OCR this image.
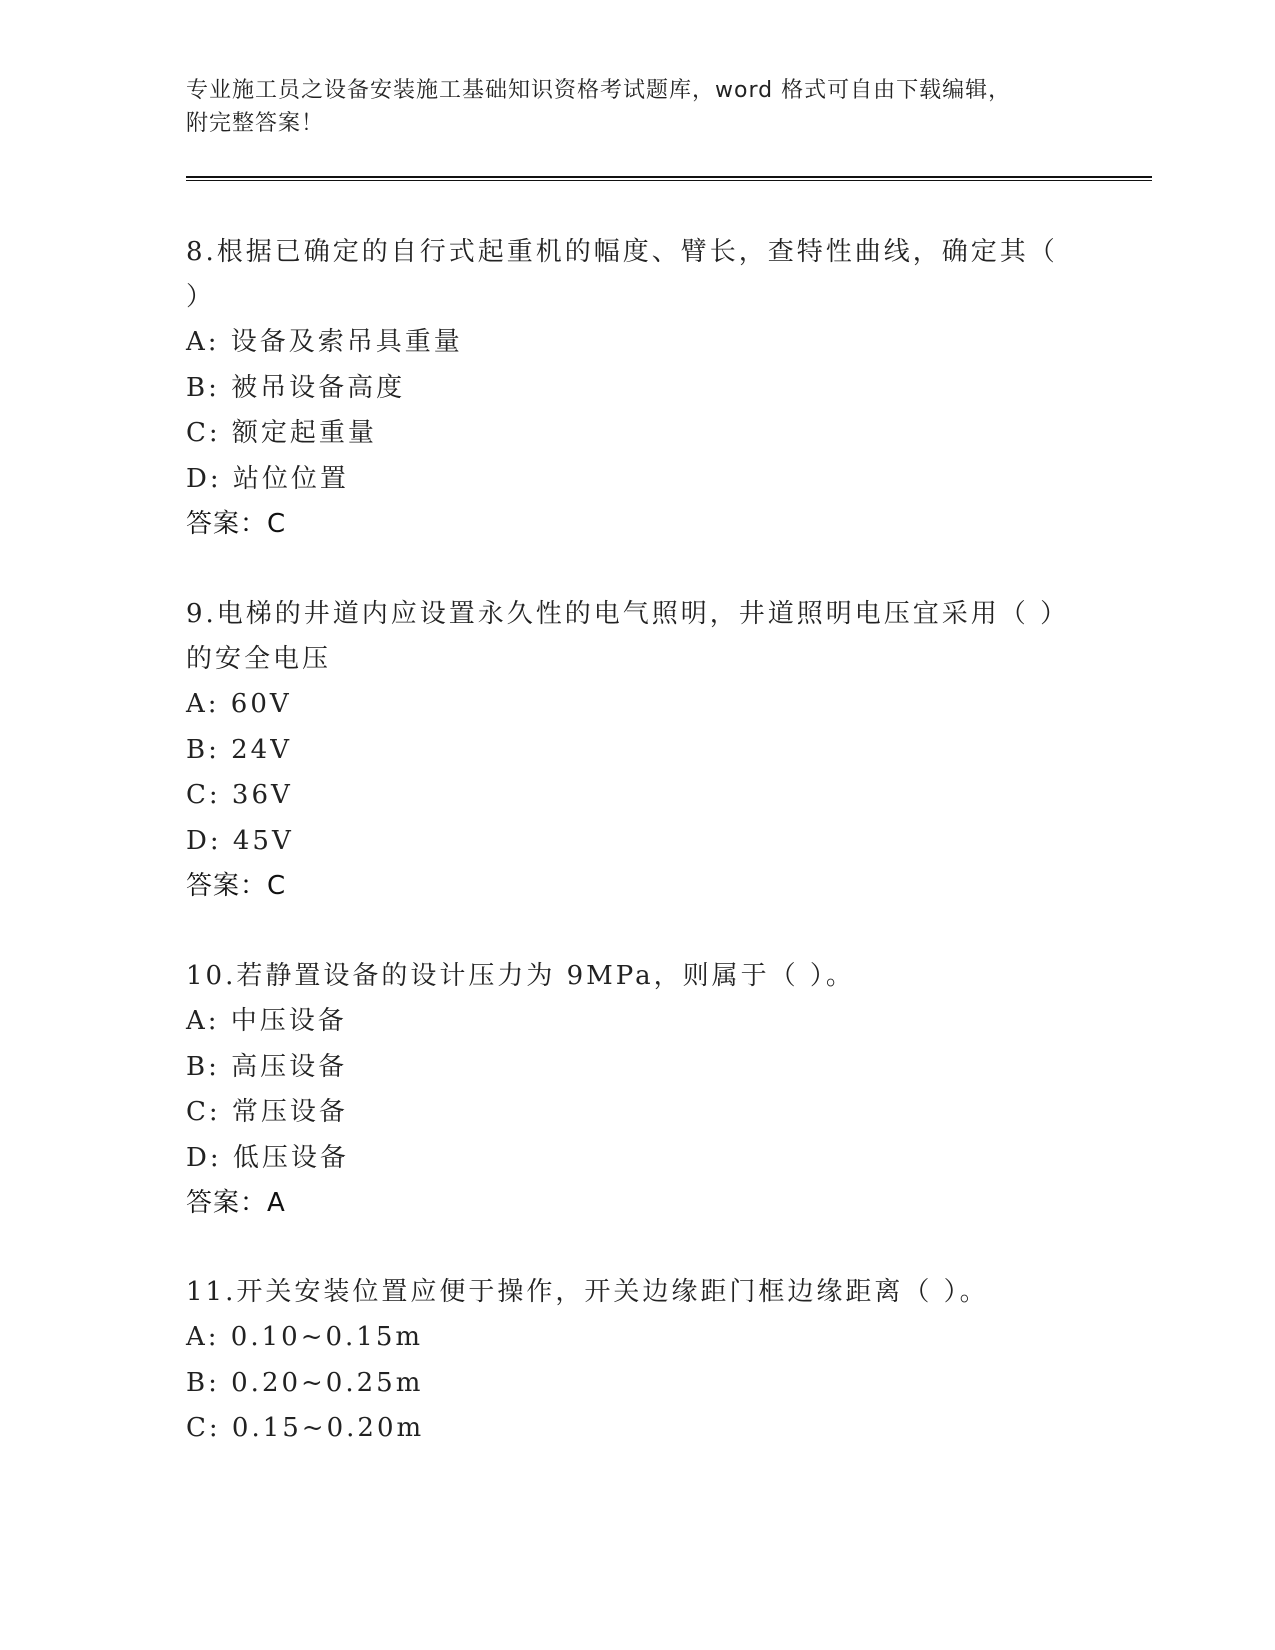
专业施工员之设备安装施工基础知识资格考试题库，word 格式可自由下载编辑，
附完整答案！
8.根据已确定的自行式起重机的幅度、臂长，查特性曲线，确定其（
）
A: 设备及索吊具重量
B: 被吊设备高度
C: 额定起重量
D: 站位位置
答案：C
9.电梯的井道内应设置永久性的电气照明，井道照明电压宜采用（ ）
的安全电压
A: 60V
B: 24V
C: 36V
D: 45V
答案：C
10.若静置设备的设计压力为 9MPa，则属于（ ）。
A: 中压设备
B: 高压设备
C: 常压设备
D: 低压设备
答案：A
11.开关安装位置应便于操作，开关边缘距门框边缘距离（ ）。
A: 0.10~0.15m
B: 0.20~0.25m
C: 0.15~0.20m
